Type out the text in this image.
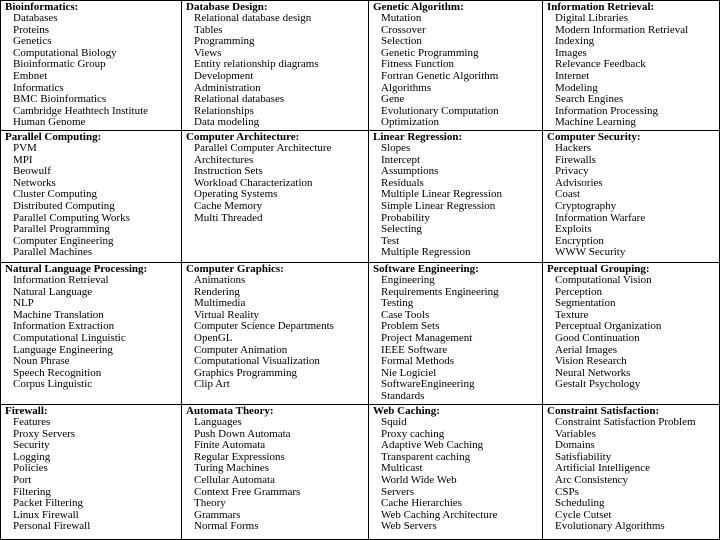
Bioinformatics:
Databases
Proteins
Genetics
Computational Biology
Bioinformatic Group
Embnet
Informatics
BMC Bioinformatics
Cambridge Heathtech Institute
Human Genome
Database Design:
Relational database design
Tables
Programming
Views
Entity relationship diagrams
Development
Administration
Relational databases
Relationships
Data modeling
Genetic Algorithm:
Mutation
Crossover
Selection
Genetic Programming
Fitness Function
Fortran Genetic Algorithm
Algorithms
Gene
Evolutionary Computation
Optimization
Information Retrieval:
Digital Libraries
Modern Information Retrieval
Indexing
Images
Relevance Feedback
Internet
Modeling
Search Engines
Information Processing
Machine Learning
Parallel Computing:
PVM
MPI
Beowulf
Networks
Cluster Computing
Distributed Computing
Parallel Computing Works
Parallel Programming
Computer Engineering
Parallel Machines
Computer Architecture:
Parallel Computer Architecture
Architectures
Instruction Sets
Workload Characterization
Operating Systems
Cache Memory
Multi Threaded
Linear Regression:
Slopes
Intercept
Assumptions
Residuals
Multiple Linear Regression
Simple Linear Regression
Probability
Selecting
Test
Multiple Regression
Computer Security:
Hackers
Firewalls
Privacy
Advisories
Coast
Cryptography
Information Warfare
Exploits
Encryption
WWW Security
Natural Language Processing:
Information Retrieval
Natural Language
NLP
Machine Translation
Information Extraction
Computational Linguistic
Language Engineering
Noun Phrase
Speech Recognition
Corpus Linguistic
Computer Graphics:
Animations
Rendering
Multimedia
Virtual Reality
Computer Science Departments
OpenGL
Computer Animation
Computational Visualization
Graphics Programming
Clip Art
Software Engineering:
Engineering
Requirements Engineering
Testing
Case Tools
Problem Sets
Project Management
IEEE Software
Formal Methods
Nie Logiciel
SoftwareEngineering
Standards
Perceptual Grouping:
Computational Vision
Perception
Segmentation
Texture
Perceptual Organization
Good Continuation
Aerial Images
Vision Research
Neural Networks
Gestalt Psychology
Firewall:
Features
Proxy Servers
Security
Logging
Policies
Port
Filtering
Packet Filtering
Linux Firewall
Personal Firewall
Automata Theory:
Languages
Push Down Automata
Finite Automata
Regular Expressions
Turing Machines
Cellular Automata
Context Free Grammars
Theory
Grammars
Normal Forms
Web Caching:
Squid
Proxy caching
Adaptive Web Caching
Transparent caching
Multicast
World Wide Web
Servers
Cache Hierarchies
Web Caching Architecture
Web Servers
Constraint Satisfaction:
Constraint Satisfaction Problem
Variables
Domains
Satisfiability
Artificial Intelligence
Arc Consistency
CSPs
Scheduling
Cycle Cutset
Evolutionary Algorithms
